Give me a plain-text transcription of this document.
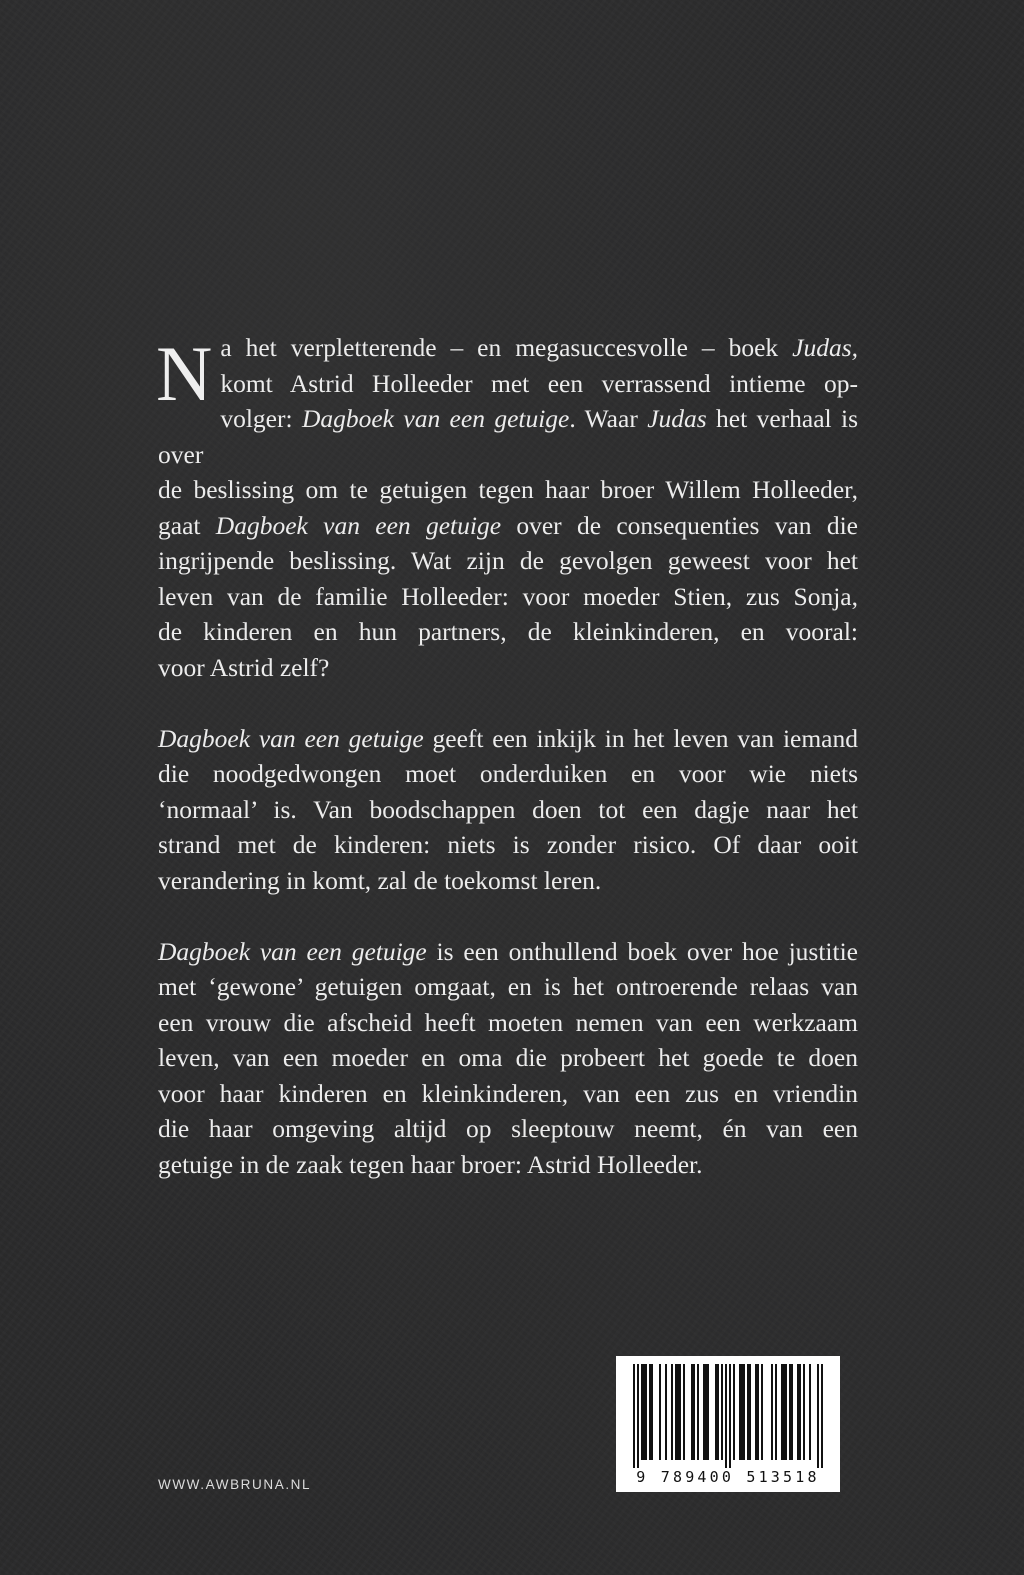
N a het verpletterende – en megasuccesvolle – boek Judas,
komt Astrid Holleeder met een verrassend intieme op-
volger: Dagboek van een getuige. Waar Judas het verhaal is over
de beslissing om te getuigen tegen haar broer Willem Holleeder,
gaat Dagboek van een getuige over de consequenties van die
ingrijpende beslissing. Wat zijn de gevolgen geweest voor het
leven van de familie Holleeder: voor moeder Stien, zus Sonja,
de kinderen en hun partners, de kleinkinderen, en vooral:
voor Astrid zelf?
Dagboek van een getuige geeft een inkijk in het leven van iemand
die noodgedwongen moet onderduiken en voor wie niets
‘normaal’ is. Van boodschappen doen tot een dagje naar het
strand met de kinderen: niets is zonder risico. Of daar ooit
verandering in komt, zal de toekomst leren.
Dagboek van een getuige is een onthullend boek over hoe justitie
met ‘gewone’ getuigen omgaat, en is het ontroerende relaas van
een vrouw die afscheid heeft moeten nemen van een werkzaam
leven, van een moeder en oma die probeert het goede te doen
voor haar kinderen en kleinkinderen, van een zus en vriendin
die haar omgeving altijd op sleeptouw neemt, én van een
getuige in de zaak tegen haar broer: Astrid Holleeder.
WWW.AWBRUNA.NL	9 789400 513518
